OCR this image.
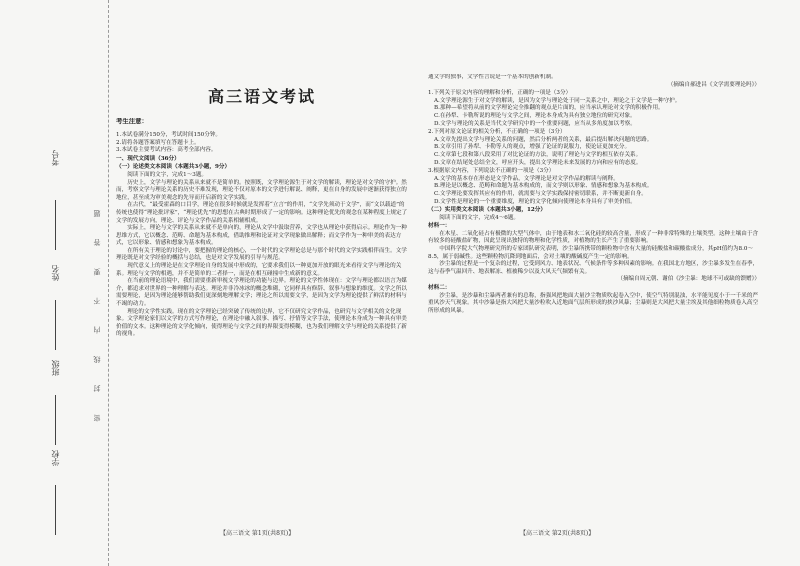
考号
姓名
班级
学校
密 封 线 内 不 要 答 题
高三语文考试

考生注意：

1.本试卷满分150分，考试时间150分钟。

2.请将各题答案填写在答题卡上。

3.本试卷主要考试内容：高考全部内容。

一、现代文阅读（36分）

（一）论述类文本阅读（本题共3小题，9分）

阅读下面的文字，完成1～3题。

历史上，文学与理论的关系从来就不是简单的。按照既，文学理论源生于对文学的解读，理论是对文学的守护。然而，考察文学与理论关系的历史不难发现，理论不仅对原本的文学进行解说、阐释，更在自身的发展中逐渐获得独立的地位，甚至成为审美观念的先导而开启新的文学实践。

在古代，“最受霍森的口目学，理论在很多时候就是发挥着“立言”的作用，“文学先须动于文学”，而“文以载道”的传统也使得“理论批评家”，“理论优先”的思想在古典时期形成了一定的影响。这种理论优先的观念在某种程度上规定了文学的发展方向，理论、评论与文学作品的关系相辅相成。

实际上，理论与文学的关系从来就不是单向的，理论从文学中汲取营养，文学也从理论中获得启示。理论作为一种思维方式，它以概念、范畴、命题为基本构成，借助推理和论证对文学现象做出解释；而文学作为一种审美的表达方式，它以形象、情感和想象为基本构成。

在所有关于理论的讨论中，要把握的理论的核心，一个时代的文学理论总是与那个时代的文学实践相伴而生。文学理论既是对文学经验的概括与总结，也是对文学发展的引导与规范。

现代意义上的理论是在文学理论自身的发展中形成的，它要求我们以一种更加开放的眼光来看待文学与理论的关系。理论与文学的相遇，并不是简单的二者择一，而是在相互碰撞中生成新的意义。

在当前的理论语境中，我们需要重新审视文学理论的功能与边界。理论的文学性体现在：文学与理论都以语言为媒介，都追求对世界的一种理解与表达。理论并非冷冰冰的概念堆砌，它同样具有修辞、叙事与想象的维度。文学之所以需要理论，是因为理论能够帮助我们更深刻地理解文学；理论之所以需要文学，是因为文学为理论提供了鲜活的材料与不竭的动力。

理论的文学性实践。现在的文学理论已经突破了传统的边界，它不仅研究文学作品，也研究与文学相关的文化现象。文学理论家们以文学的方式写作理论，在理论中融入叙事、描写、抒情等文学手法，使理论本身成为一种具有审美价值的文本。这种理论的文学化倾向，使得理论与文学之间的界限变得模糊，也为我们理解文学与理论的关系提供了新的视角。

【高三语文 第1页(共8页)】

通文学的独事，文学性言说是一个基本的创新机制。

（摘编自郝进昌《文学需要理论吗》）

1.下列关于原文内容的理解和分析，正确的一项是（3分）

A.文学理论源生于对文学的解读，是因为文学与理论处于同一关系之中，理论之于文学是一种守护。

B.那种—希望将从前的文学理论完全推翻的观点是片面的，应当承认理论对文学的积极作用。

C.在孙犁、卡勒所说的理论与文学之间，理论本身成为具有独立地位的研究对象。

D.文学与理论的关系是当代文学研究中的一个重要问题，应当从多角度加以考察。

2.下列对原文论证的相关分析，不正确的一项是（3分）

A.文章先提出文学与理论关系的问题，然后分析两者的关系，最后提出解决问题的思路。

B.文章引用了孙犁、卡勒等人的观点，增强了论证的说服力，使论证更加充分。

C.文章第七段和第八段采用了对比论证的方法，说明了理论与文学的相互依存关系。

D.文章在结尾处总结全文，呼应开头，提出文学理论未来发展的方向和应有的态度。

3.根据原文内容，下列说法不正确的一项是（3分）

A.文学的基本存在形态是文学作品，文学理论是对文学作品的解读与阐释。

B.理论是以概念、范畴和命题为基本构成的，而文学则以形象、情感和想象为基本构成。

C.文学理论要发挥其应有的作用，就需要与文学实践保持密切联系，并不断更新自身。

D.文学性是理论的一个重要维度，理论的文学化倾向使理论本身具有了审美价值。

（二）实用类文本阅读（本题共3小题，12分）

阅读下面的文字，完成4～6题。

材料一：

在木星、二氧化硅占有极微的大型气体中，由于地表和水二氧化硅的较高含量，形成了一种非常特殊的土壤类型。这种土壤由于含有较多的硅酸盐矿物，因此呈现出独特的物理和化学性质，对植物的生长产生了重要影响。

中国科学院大气物理研究所的专家团队研究表明，沙尘暴所携带的颗粒物中含有大量的硅酸盐和碳酸盐成分，其pH值约为8.0～8.5，属于弱碱性。这些颗粒物沉降到地面后，会对土壤的酸碱度产生一定的影响。

沙尘暴的过程是一个复杂的过程，它受到风力、地表状况、气候条件等多种因素的影响。在我国北方地区，沙尘暴多发生在春季，这与春季气温回升、地表解冻、植被稀少以及大风天气频繁有关。

（摘编自周元朝、谢伯《沙尘暴：地球不可或缺的馈赠》）

材料二：

沙尘暴，是沙暴和尘暴两者兼有的总称，指强风把地面大量沙尘物质吹起卷入空中，使空气特别混浊，水平能见度小于一千米的严重风沙天气现象。其中沙暴是指大风把大量沙粒吹入近地面气层所形成的挟沙风暴；尘暴则是大风把大量尘埃及其他细粒物质卷入高空所形成的风暴。

【高三语文 第2页(共8页)】
